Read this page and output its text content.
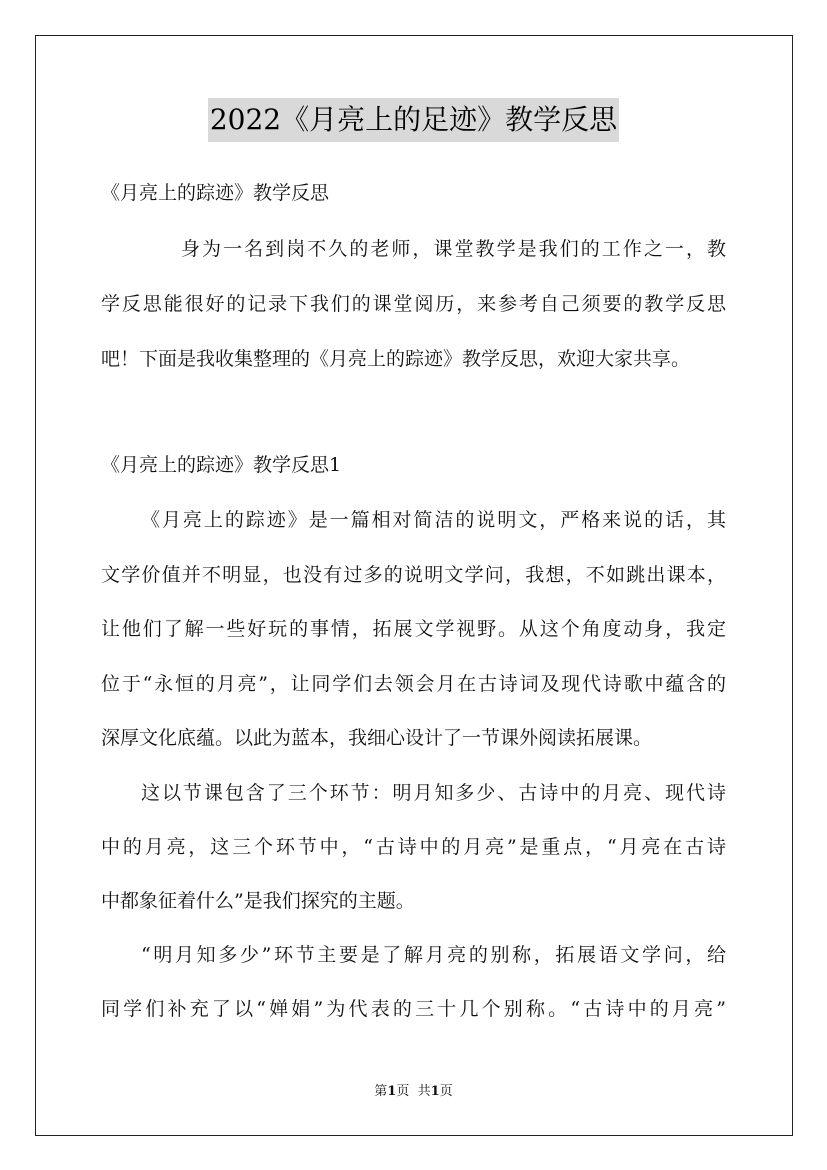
2022《月亮上的足迹》教学反思
《月亮上的踪迹》教学反思
身为一名到岗不久的老师，课堂教学是我们的工作之一，教
学反思能很好的记录下我们的课堂阅历，来参考自己须要的教学反思
吧！下面是我收集整理的《月亮上的踪迹》教学反思，欢迎大家共享。
《月亮上的踪迹》教学反思1
《月亮上的踪迹》是一篇相对简洁的说明文，严格来说的话，其
文学价值并不明显，也没有过多的说明文学问，我想，不如跳出课本，
让他们了解一些好玩的事情，拓展文学视野。从这个角度动身，我定
位于“永恒的月亮”，让同学们去领会月在古诗词及现代诗歌中蕴含的
深厚文化底蕴。以此为蓝本，我细心设计了一节课外阅读拓展课。
这以节课包含了三个环节：明月知多少、古诗中的月亮、现代诗
中的月亮，这三个环节中，“古诗中的月亮”是重点，“月亮在古诗
中都象征着什么”是我们探究的主题。
“明月知多少”环节主要是了解月亮的别称，拓展语文学问，给
同学们补充了以“婵娟”为代表的三十几个别称。“古诗中的月亮”
第1页 共1页
